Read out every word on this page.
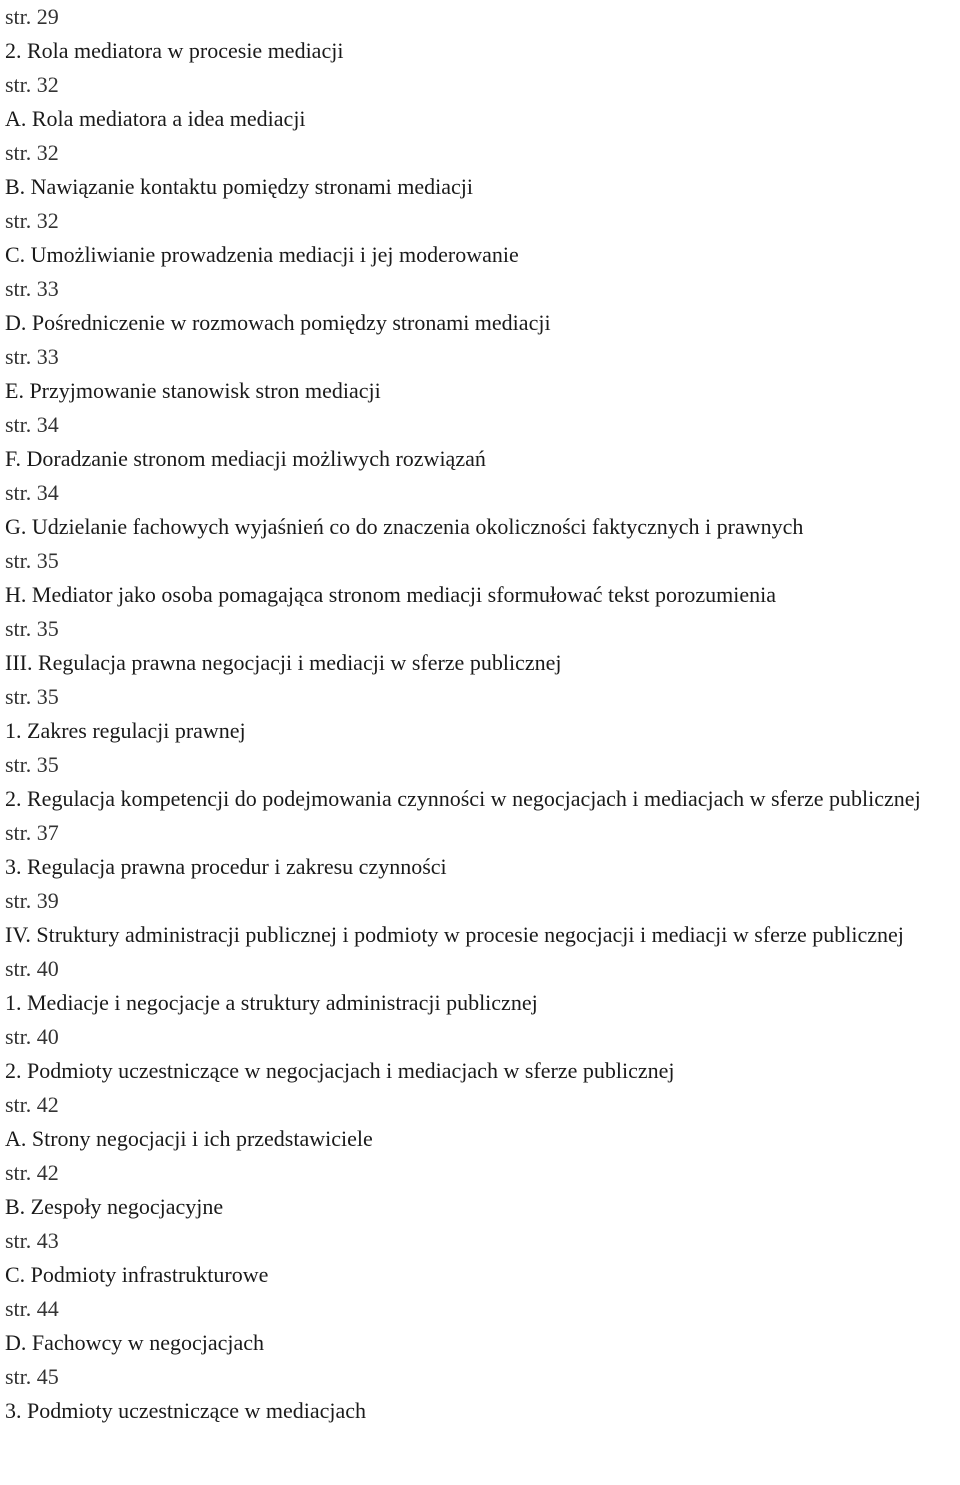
str. 29
2. Rola mediatora w procesie mediacji
str. 32
A. Rola mediatora a idea mediacji
str. 32
B. Nawiązanie kontaktu pomiędzy stronami mediacji
str. 32
C. Umożliwianie prowadzenia mediacji i jej moderowanie
str. 33
D. Pośredniczenie w rozmowach pomiędzy stronami mediacji
str. 33
E. Przyjmowanie stanowisk stron mediacji
str. 34
F. Doradzanie stronom mediacji możliwych rozwiązań
str. 34
G. Udzielanie fachowych wyjaśnień co do znaczenia okoliczności faktycznych i prawnych
str. 35
H. Mediator jako osoba pomagająca stronom mediacji sformułować tekst porozumienia
str. 35
III. Regulacja prawna negocjacji i mediacji w sferze publicznej
str. 35
1. Zakres regulacji prawnej
str. 35
2. Regulacja kompetencji do podejmowania czynności w negocjacjach i mediacjach w sferze publicznej
str. 37
3. Regulacja prawna procedur i zakresu czynności
str. 39
IV. Struktury administracji publicznej i podmioty w procesie negocjacji i mediacji w sferze publicznej
str. 40
1. Mediacje i negocjacje a struktury administracji publicznej
str. 40
2. Podmioty uczestniczące w negocjacjach i mediacjach w sferze publicznej
str. 42
A. Strony negocjacji i ich przedstawiciele
str. 42
B. Zespoły negocjacyjne
str. 43
C. Podmioty infrastrukturowe
str. 44
D. Fachowcy w negocjacjach
str. 45
3. Podmioty uczestniczące w mediacjach
